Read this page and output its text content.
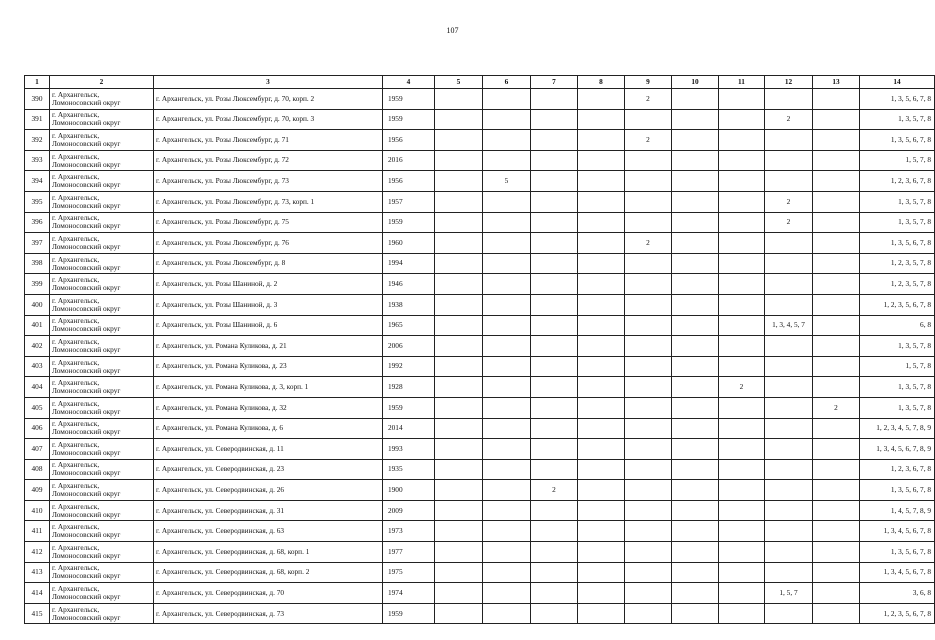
107
1	2	3	4	5	6	7	8	9	10	11	12	13	14
390	г. Архангельск,
Ломоносовский округ	г. Архангельск, ул. Розы Люксембург, д. 70, корп. 2	1959					2					1, 3, 5, 6, 7, 8
391	г. Архангельск,
Ломоносовский округ	г. Архангельск, ул. Розы Люксембург, д. 70, корп. 3	1959								2		1, 3, 5, 7, 8
392	г. Архангельск,
Ломоносовский округ	г. Архангельск, ул. Розы Люксембург, д. 71	1956					2					1, 3, 5, 6, 7, 8
393	г. Архангельск,
Ломоносовский округ	г. Архангельск, ул. Розы Люксембург, д. 72	2016										1, 5, 7, 8
394	г. Архангельск,
Ломоносовский округ	г. Архангельск, ул. Розы Люксембург, д. 73	1956		5								1, 2, 3, 6, 7, 8
395	г. Архангельск,
Ломоносовский округ	г. Архангельск, ул. Розы Люксембург, д. 73, корп. 1	1957								2		1, 3, 5, 7, 8
396	г. Архангельск,
Ломоносовский округ	г. Архангельск, ул. Розы Люксембург, д. 75	1959								2		1, 3, 5, 7, 8
397	г. Архангельск,
Ломоносовский округ	г. Архангельск, ул. Розы Люксембург, д. 76	1960					2					1, 3, 5, 6, 7, 8
398	г. Архангельск,
Ломоносовский округ	г. Архангельск, ул. Розы Люксембург, д. 8	1994										1, 2, 3, 5, 7, 8
399	г. Архангельск,
Ломоносовский округ	г. Архангельск, ул. Розы Шаниной, д. 2	1946										1, 2, 3, 5, 7, 8
400	г. Архангельск,
Ломоносовский округ	г. Архангельск, ул. Розы Шаниной, д. 3	1938										1, 2, 3, 5, 6, 7, 8
401	г. Архангельск,
Ломоносовский округ	г. Архангельск, ул. Розы Шаниной, д. 6	1965								1, 3, 4, 5, 7		6, 8
402	г. Архангельск,
Ломоносовский округ	г. Архангельск, ул. Романа Куликова, д. 21	2006										1, 3, 5, 7, 8
403	г. Архангельск,
Ломоносовский округ	г. Архангельск, ул. Романа Куликова, д. 23	1992										1, 5, 7, 8
404	г. Архангельск,
Ломоносовский округ	г. Архангельск, ул. Романа Куликова, д. 3, корп. 1	1928							2			1, 3, 5, 7, 8
405	г. Архангельск,
Ломоносовский округ	г. Архангельск, ул. Романа Куликова, д. 32	1959									2	1, 3, 5, 7, 8
406	г. Архангельск,
Ломоносовский округ	г. Архангельск, ул. Романа Куликова, д. 6	2014										1, 2, 3, 4, 5, 7, 8, 9
407	г. Архангельск,
Ломоносовский округ	г. Архангельск, ул. Северодвинская, д. 11	1993										1, 3, 4, 5, 6, 7, 8, 9
408	г. Архангельск,
Ломоносовский округ	г. Архангельск, ул. Северодвинская, д. 23	1935										1, 2, 3, 6, 7, 8
409	г. Архангельск,
Ломоносовский округ	г. Архангельск, ул. Северодвинская, д. 26	1900			2							1, 3, 5, 6, 7, 8
410	г. Архангельск,
Ломоносовский округ	г. Архангельск, ул. Северодвинская, д. 31	2009										1, 4, 5, 7, 8, 9
411	г. Архангельск,
Ломоносовский округ	г. Архангельск, ул. Северодвинская, д. 63	1973										1, 3, 4, 5, 6, 7, 8
412	г. Архангельск,
Ломоносовский округ	г. Архангельск, ул. Северодвинская, д. 68, корп. 1	1977										1, 3, 5, 6, 7, 8
413	г. Архангельск,
Ломоносовский округ	г. Архангельск, ул. Северодвинская, д. 68, корп. 2	1975										1, 3, 4, 5, 6, 7, 8
414	г. Архангельск,
Ломоносовский округ	г. Архангельск, ул. Северодвинская, д. 70	1974								1, 5, 7		3, 6, 8
415	г. Архангельск,
Ломоносовский округ	г. Архангельск, ул. Северодвинская, д. 73	1959										1, 2, 3, 5, 6, 7, 8
